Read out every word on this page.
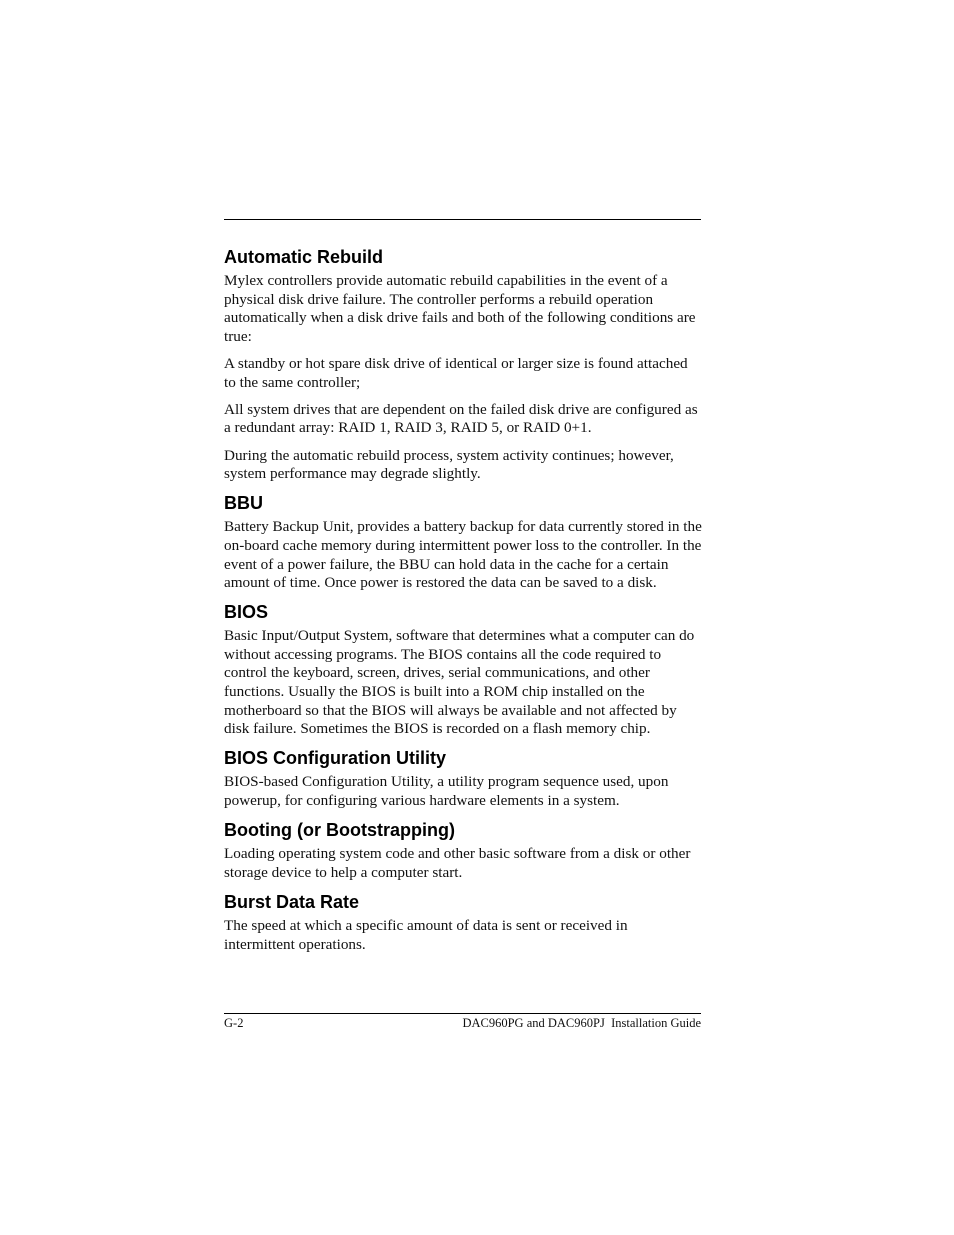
Automatic Rebuild

Mylex controllers provide automatic rebuild capabilities in the event of a physical disk drive failure. The controller performs a rebuild operation automatically when a disk drive fails and both of the following conditions are true:

A standby or hot spare disk drive of identical or larger size is found attached to the same controller;

All system drives that are dependent on the failed disk drive are configured as a redundant array: RAID 1, RAID 3, RAID 5, or RAID 0+1.

During the automatic rebuild process, system activity continues; however, system performance may degrade slightly.

BBU

Battery Backup Unit, provides a battery backup for data currently stored in the on-board cache memory during intermittent power loss to the controller. In the event of a power failure, the BBU can hold data in the cache for a certain amount of time. Once power is restored the data can be saved to a disk.

BIOS

Basic Input/Output System, software that determines what a computer can do without accessing programs. The BIOS contains all the code required to control the keyboard, screen, drives, serial communications, and other functions. Usually the BIOS is built into a ROM chip installed on the motherboard so that the BIOS will always be available and not affected by disk failure. Sometimes the BIOS is recorded on a flash memory chip.

BIOS Configuration Utility

BIOS-based Configuration Utility, a utility program sequence used, upon powerup, for configuring various hardware elements in a system.

Booting (or Bootstrapping)

Loading operating system code and other basic software from a disk or other storage device to help a computer start.

Burst Data Rate

The speed at which a specific amount of data is sent or received in intermittent operations.

G-2	DAC960PG and DAC960PJ  Installation Guide
